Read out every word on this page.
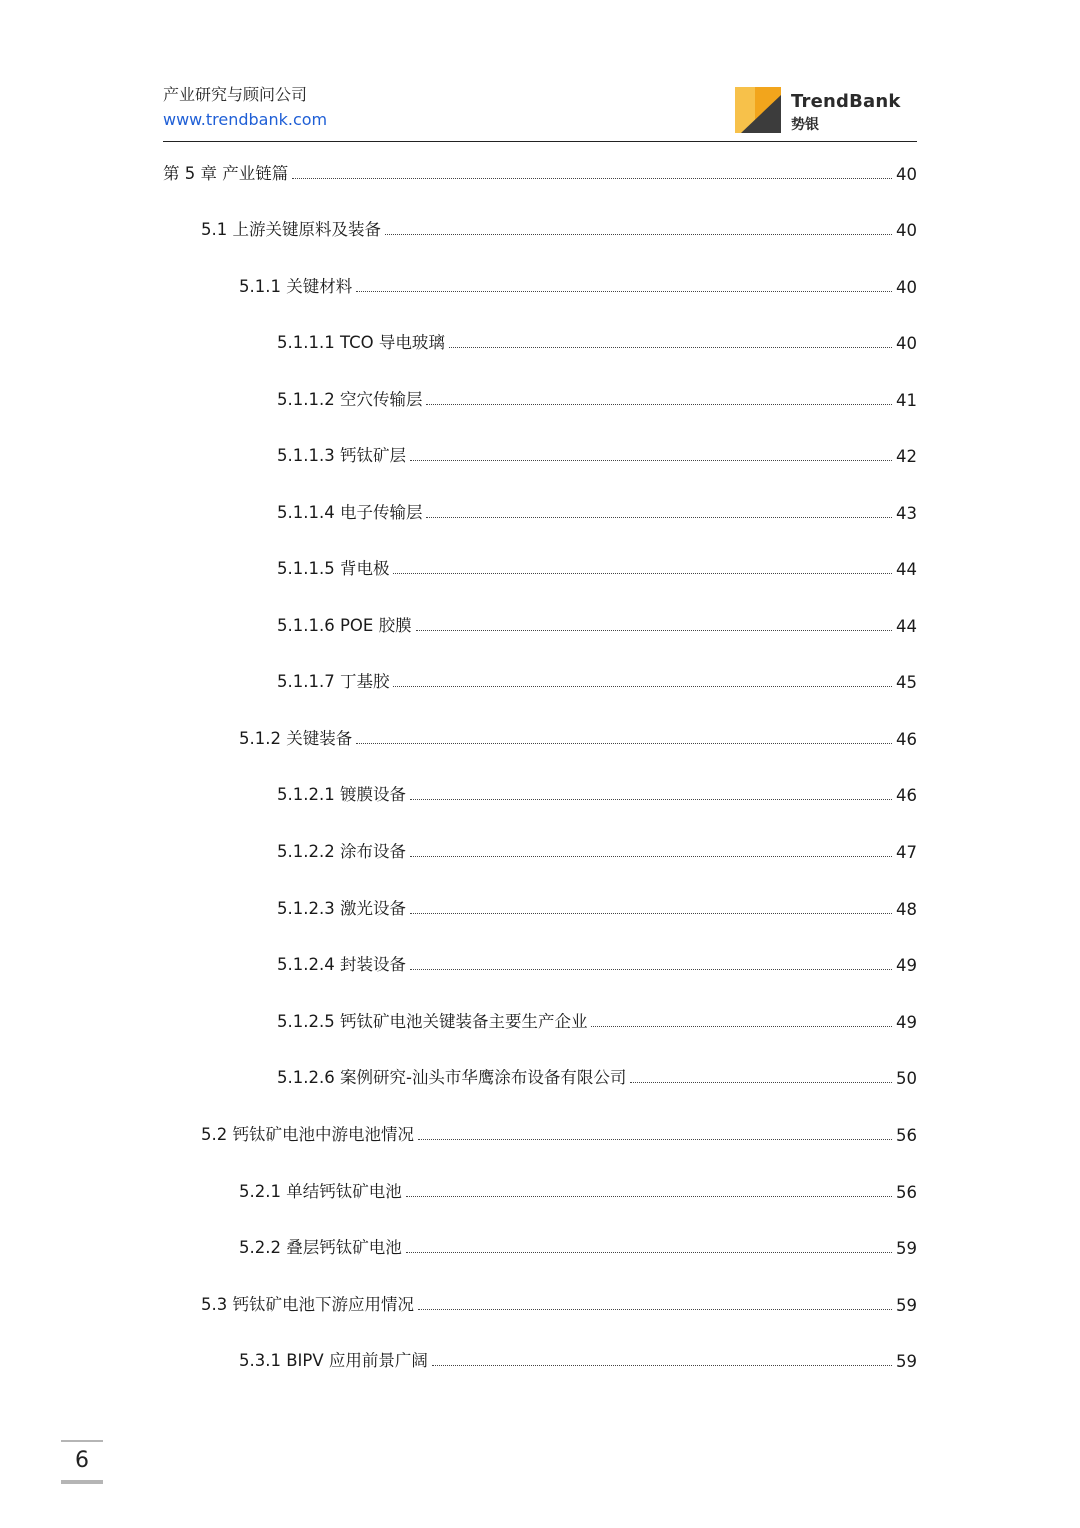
产业研究与顾问公司
www.trendbank.com
TrendBank
势银
第 5 章 产业链篇	40
5.1 上游关键原料及装备	40
5.1.1 关键材料	40
5.1.1.1 TCO 导电玻璃	40
5.1.1.2 空穴传输层	41
5.1.1.3 钙钛矿层	42
5.1.1.4 电子传输层	43
5.1.1.5 背电极	44
5.1.1.6 POE 胶膜	44
5.1.1.7 丁基胶	45
5.1.2 关键装备	46
5.1.2.1 镀膜设备	46
5.1.2.2 涂布设备	47
5.1.2.3 激光设备	48
5.1.2.4 封装设备	49
5.1.2.5 钙钛矿电池关键装备主要生产企业	49
5.1.2.6 案例研究-汕头市华鹰涂布设备有限公司	50
5.2 钙钛矿电池中游电池情况	56
5.2.1 单结钙钛矿电池	56
5.2.2 叠层钙钛矿电池	59
5.3 钙钛矿电池下游应用情况	59
5.3.1 BIPV 应用前景广阔	59
6
